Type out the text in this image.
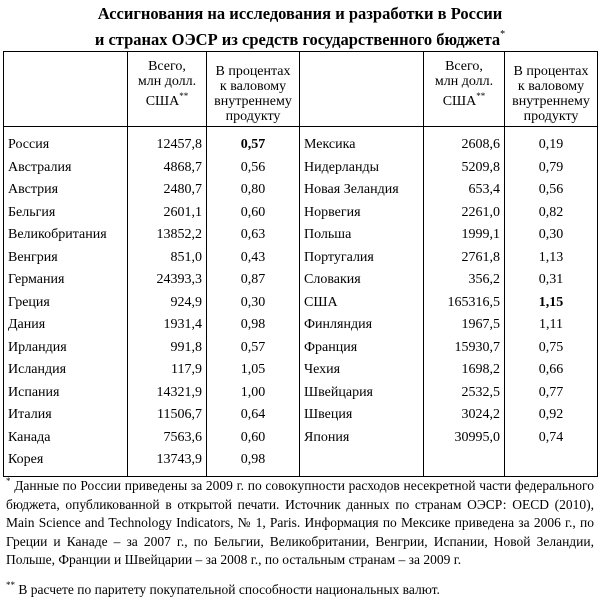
Ассигнования на исследования и разработки в России
и странах ОЭСР из средств государственного бюджета*
	Всего,
млн долл.
США**	В процентах
к валовому
внутреннему
продукту		Всего,
млн долл.
США**	В процентах
к валовому
внутреннему
продукту
Россия	12457,8	0,57	Мексика	2608,6	0,19
Австралия	4868,7	0,56	Нидерланды	5209,8	0,79
Австрия	2480,7	0,80	Новая Зеландия	653,4	0,56
Бельгия	2601,1	0,60	Норвегия	2261,0	0,82
Великобритания	13852,2	0,63	Польша	1999,1	0,30
Венгрия	851,0	0,43	Португалия	2761,8	1,13
Германия	24393,3	0,87	Словакия	356,2	0,31
Греция	924,9	0,30	США	165316,5	1,15
Дания	1931,4	0,98	Финляндия	1967,5	1,11
Ирландия	991,8	0,57	Франция	15930,7	0,75
Исландия	117,9	1,05	Чехия	1698,2	0,66
Испания	14321,9	1,00	Швейцария	2532,5	0,77
Италия	11506,7	0,64	Швеция	3024,2	0,92
Канада	7563,6	0,60	Япония	30995,0	0,74
Корея	13743,9	0,98			

* Данные по России приведены за 2009 г. по совокупности расходов несекретной части федерального бюджета, опубликованной в открытой печати. Источник данных по странам ОЭСР: OECD (2010), Main Science and Technology Indicators, № 1, Paris. Информация по Мексике приведена за 2006 г., по Греции и Канаде – за 2007 г., по Бельгии, Великобритании, Венгрии, Испании, Новой Зеландии, Польше, Франции и Швейцарии – за 2008 г., по остальным странам – за 2009 г.

** В расчете по паритету покупательной способности национальных валют.
